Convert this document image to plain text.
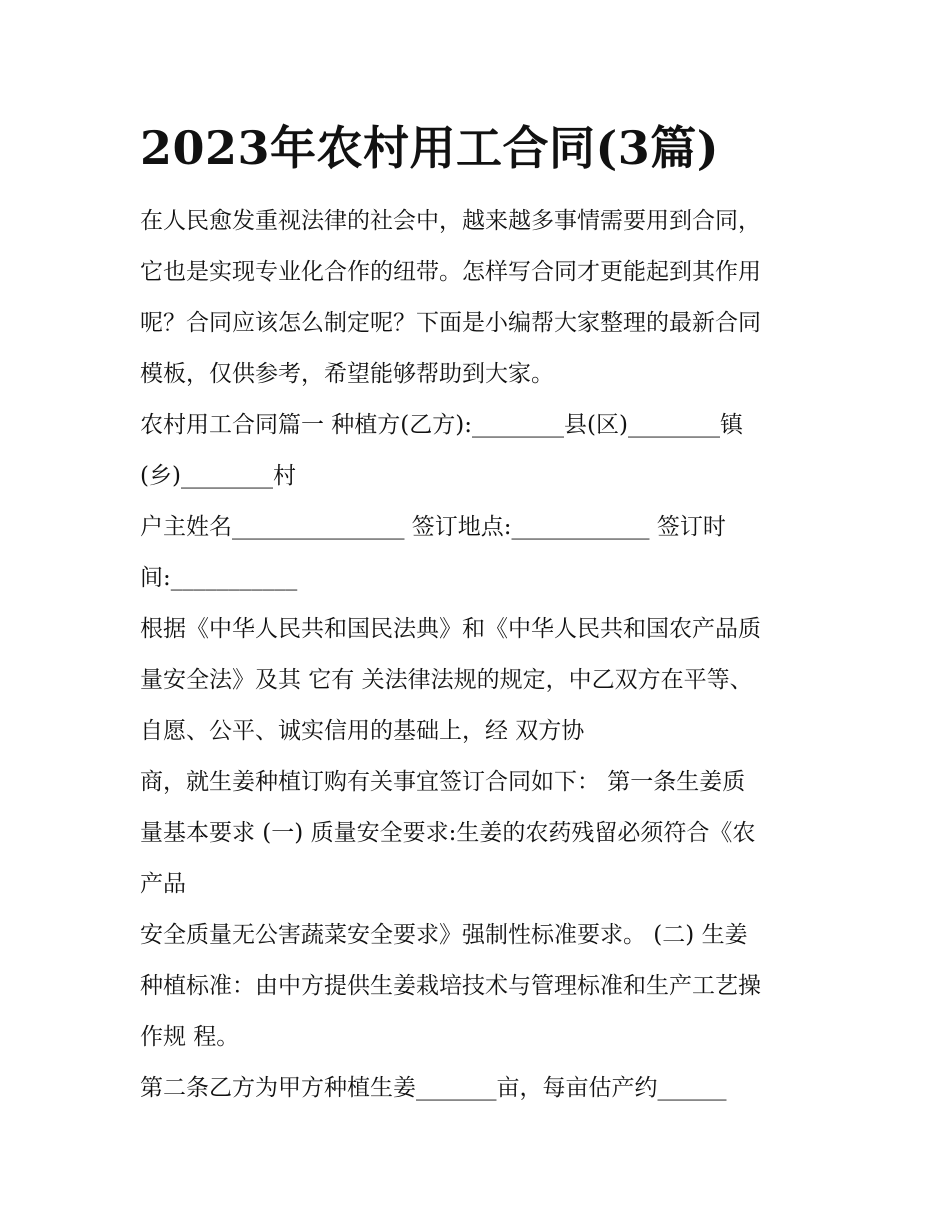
2023年农村用工合同(3篇)

在人民愈发重视法律的社会中，越来越多事情需要用到合同，

它也是实现专业化合作的纽带。怎样写合同才更能起到其作用

呢？合同应该怎么制定呢？下面是小编帮大家整理的最新合同

模板，仅供参考，希望能够帮助到大家。

农村用工合同篇一 种植方(乙方):________县(区)________镇

(乡)________村

户主姓名_______________ 签订地点:____________ 签订时

间:___________

根据《中华人民共和国民法典》和《中华人民共和国农产品质

量安全法》及其 它有 关法律法规的规定，中乙双方在平等、

自愿、公平、诚实信用的基础上，经 双方协

商，就生姜种植订购有关事宜签订合同如下： 第一条生姜质

量基本要求 (一) 质量安全要求:生姜的农药残留必须符合《农

产品

安全质量无公害蔬菜安全要求》强制性标准要求。 (二) 生姜

种植标准：由中方提供生姜栽培技术与管理标准和生产工艺操

作规 程。

第二条乙方为甲方种植生姜_______亩，每亩估产约______
